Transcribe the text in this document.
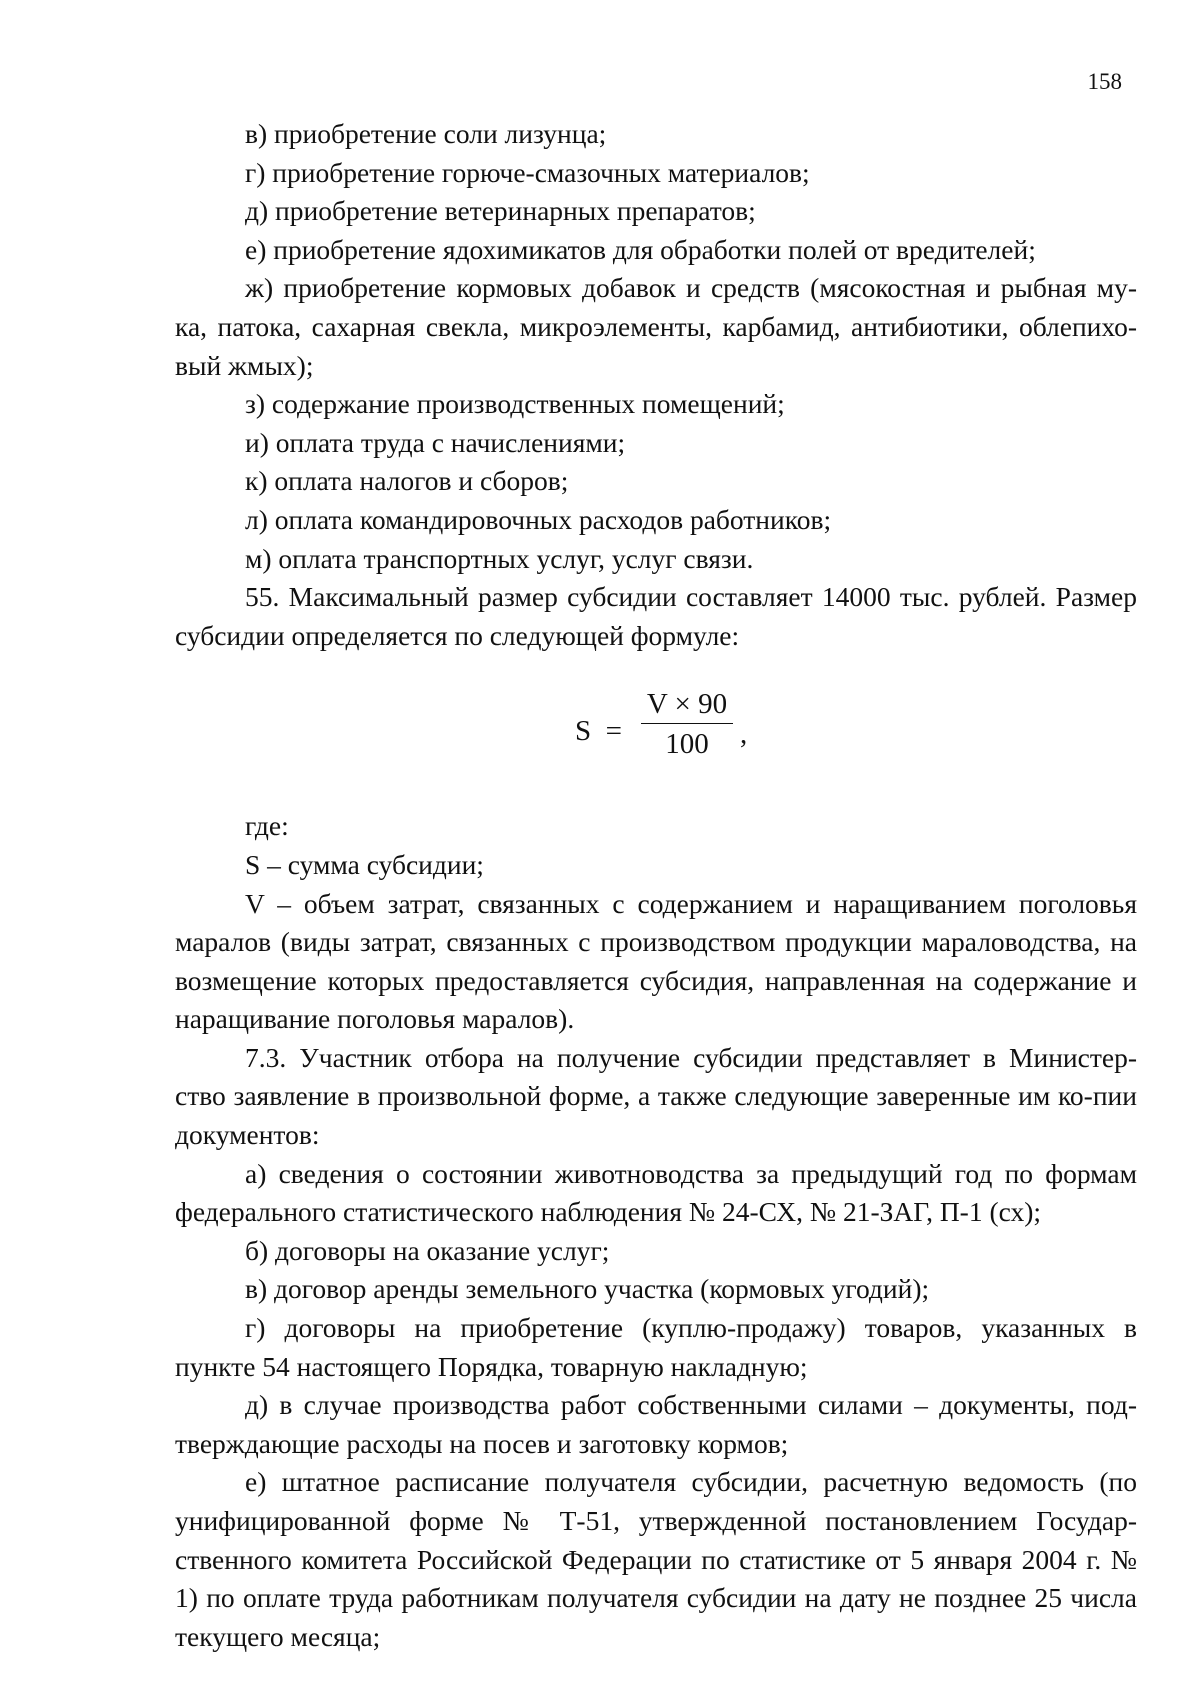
158

в) приобретение соли лизунца;

г) приобретение горюче-смазочных материалов;

д) приобретение ветеринарных препаратов;

е) приобретение ядохимикатов для обработки полей от вредителей;

ж) приобретение кормовых добавок и средств (мясокостная и рыбная му-ка, патока, сахарная свекла, микроэлементы, карбамид, антибиотики, облепихо-вый жмых);

з) содержание производственных помещений;

и) оплата труда с начислениями;

к) оплата налогов и сборов;

л) оплата командировочных расходов работников;

м) оплата транспортных услуг, услуг связи.

55. Максимальный размер субсидии составляет 14000 тыс. рублей. Размер субсидии определяется по следующей формуле:

$S = \frac{V \times 90}{100}$ ,

где:

S – сумма субсидии;

V – объем затрат, связанных с содержанием и наращиванием поголовья маралов (виды затрат, связанных с производством продукции мараловодства, на возмещение которых предоставляется субсидия, направленная на содержание и наращивание поголовья маралов).

7.3. Участник отбора на получение субсидии представляет в Министер-ство заявление в произвольной форме, а также следующие заверенные им ко-пии документов:

а) сведения о состоянии животноводства за предыдущий год по формам федерального статистического наблюдения № 24-СХ, № 21-ЗАГ, П-1 (сх);

б) договоры на оказание услуг;

в) договор аренды земельного участка (кормовых угодий);

г) договоры на приобретение (куплю-продажу) товаров, указанных в пункте 54 настоящего Порядка, товарную накладную;

д) в случае производства работ собственными силами – документы, под-тверждающие расходы на посев и заготовку кормов;

е) штатное расписание получателя субсидии, расчетную ведомость (по унифицированной форме № Т-51, утвержденной постановлением Государ-ственного комитета Российской Федерации по статистике от 5 января 2004 г. № 1) по оплате труда работникам получателя субсидии на дату не позднее 25 числа текущего месяца;
